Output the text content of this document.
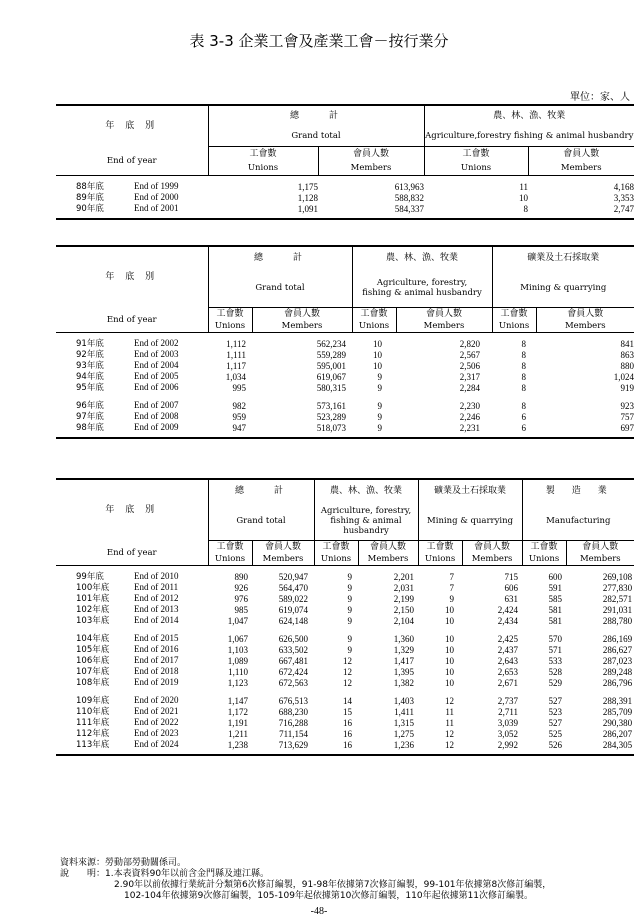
表 3-3 企業工會及產業工會－按行業分
單位：家、人
年 底 別	總　　計		農、林、漁、牧業	
	Grand total		Agriculture,forestry fishing & animal husbandry	
End of year	工會數	會員人數	工會數	會員人數
	Unions	Members	Unions	Members

88年底 End of 1999	1,175	613,963	11	4,168
89年底 End of 2000	1,128	588,832	10	3,353
90年底 End of 2001	1,091	584,337	8	2,747

年 底 別	總　　計		農、林、漁、牧業		礦業及土石採取業	
	Grand total		Agriculture, forestry,
fishing & animal husbandry		Mining & quarrying	
End of year	工會數	會員人數	工會數	會員人數	工會數	會員人數
	Unions	Members	Unions	Members	Unions	Members

91年底 End of 2002	1,112	562,234	10	2,820	8	841
92年底 End of 2003	1,111	559,289	10	2,567	8	863
93年底 End of 2004	1,117	595,001	10	2,506	8	880
94年底 End of 2005	1,034	619,067	9	2,317	8	1,024
95年底 End of 2006	995	580,315	9	2,284	8	919

96年底 End of 2007	982	573,161	9	2,230	8	923
97年底 End of 2008	959	523,289	9	2,246	6	757
98年底 End of 2009	947	518,073	9	2,231	6	697

年 底 別	總　　計		農、林、漁、牧業		礦業及土石採取業		製　造　業	
	Grand total		Agriculture, forestry,
fishing & animal
husbandry		Mining & quarrying		Manufacturing	
End of year	工會數	會員人數	工會數	會員人數	工會數	會員人數	工會數	會員人數
	Unions	Members	Unions	Members	Unions	Members	Unions	Members

99年底 End of 2010	890	520,947	9	2,201	7	715	600	269,108
100年底 End of 2011	926	564,470	9	2,031	7	606	591	277,830
101年底 End of 2012	976	589,022	9	2,199	9	631	585	282,571
102年底 End of 2013	985	619,074	9	2,150	10	2,424	581	291,031
103年底 End of 2014	1,047	624,148	9	2,104	10	2,434	581	288,780

104年底 End of 2015	1,067	626,500	9	1,360	10	2,425	570	286,169
105年底 End of 2016	1,103	633,502	9	1,329	10	2,437	571	286,627
106年底 End of 2017	1,089	667,481	12	1,417	10	2,643	533	287,023
107年底 End of 2018	1,110	672,424	12	1,395	10	2,653	528	289,248
108年底 End of 2019	1,123	672,563	12	1,382	10	2,671	529	286,796

109年底 End of 2020	1,147	676,513	14	1,403	12	2,737	527	288,391
110年底 End of 2021	1,172	688,230	15	1,411	11	2,711	523	285,709
111年底 End of 2022	1,191	716,288	16	1,315	11	3,039	527	290,380
112年底 End of 2023	1,211	711,154	16	1,275	12	3,052	525	286,207
113年底 End of 2024	1,238	713,629	16	1,236	12	2,992	526	284,305

資料來源：勞動部勞動關係司。
說　　明：1.本表資料90年以前含金門縣及連江縣。
2.90年以前依據行業統計分類第6次修訂編製，91-98年依據第7次修訂編製，99-101年依據第8次修訂編製，
102-104年依據第9次修訂編製，105-109年起依據第10次修訂編製，110年起依據第11次修訂編製。
-48-
